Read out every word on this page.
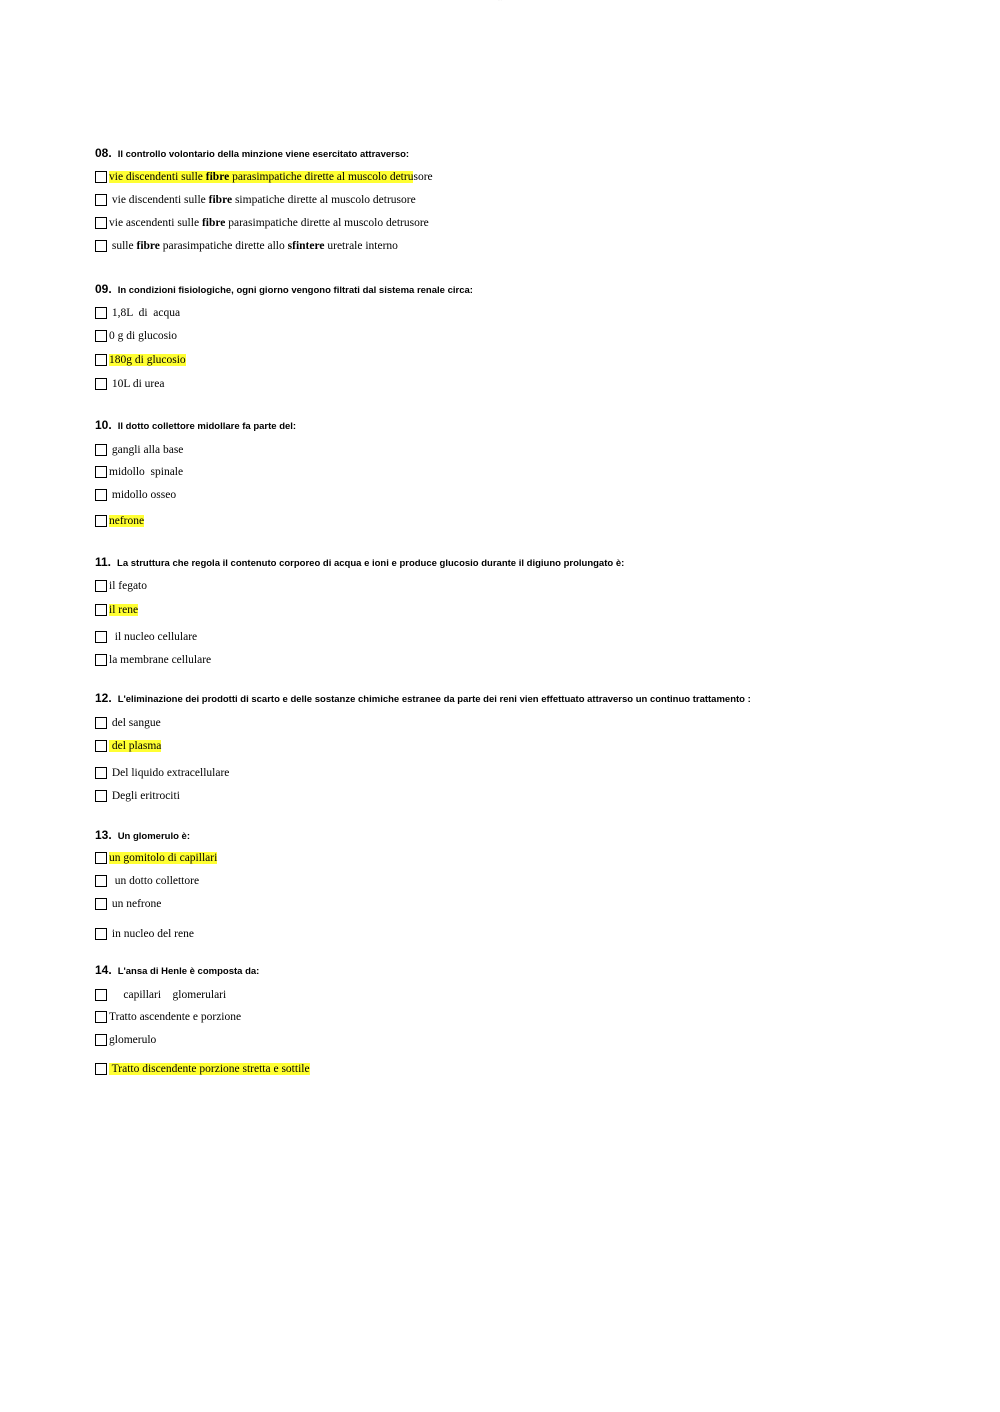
· · ·
08. Il controllo volontario della minzione viene esercitato attraverso:
vie discendenti sulle fibre parasimpatiche dirette al muscolo detrusore
vie discendenti sulle fibre simpatiche dirette al muscolo detrusore
vie ascendenti sulle fibre parasimpatiche dirette al muscolo detrusore
sulle fibre parasimpatiche dirette allo sfintere uretrale interno
09. In condizioni fisiologiche, ogni giorno vengono filtrati dal sistema renale circa:
1,8L  di  acqua
0 g di glucosio
180g di glucosio
10L di urea
10. Il dotto collettore midollare fa parte del:
gangli alla base
midollo  spinale
midollo osseo
nefrone
11. La struttura che regola il contenuto corporeo di acqua e ioni e produce glucosio durante il digiuno prolungato è:
il fegato
il rene
il nucleo cellulare
la membrane cellulare
12. L'eliminazione dei prodotti di scarto e delle sostanze chimiche estranee da parte dei reni vien effettuato attraverso un continuo trattamento :
del sangue
del plasma
Del liquido extracellulare
Degli eritrociti
13. Un glomerulo è:
un gomitolo di capillari
un dotto collettore
un nefrone
in nucleo del rene
14. L'ansa di Henle è composta da:
capillari    glomerulari
Tratto ascendente e porzione
glomerulo
Tratto discendente porzione stretta e sottile
